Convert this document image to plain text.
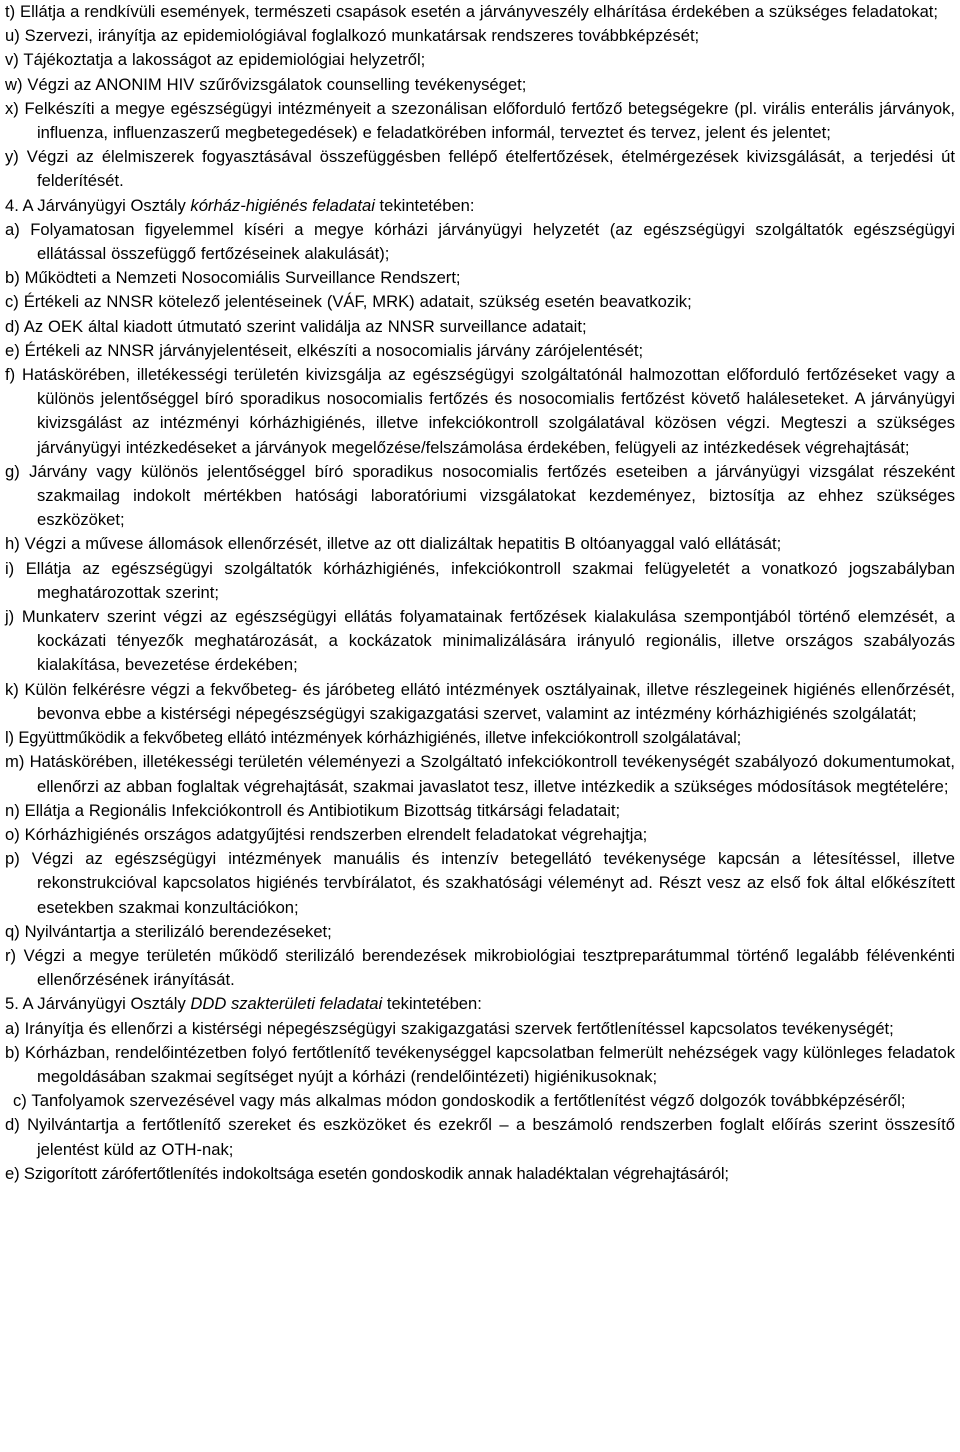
t) Ellátja a rendkívüli események, természeti csapások esetén a járványveszély elhárítása érdekében a szükséges feladatokat;

u) Szervezi, irányítja az epidemiológiával foglalkozó munkatársak rendszeres továbbképzését;

v) Tájékoztatja a lakosságot az epidemiológiai helyzetről;

w) Végzi az ANONIM HIV szűrővizsgálatok counselling tevékenységet;

x) Felkészíti a megye egészségügyi intézményeit a szezonálisan előforduló fertőző betegségekre (pl. virális enterális járványok, influenza, influenzaszerű megbetegedések) e feladatkörében informál, terveztet és tervez, jelent és jelentet;

y) Végzi az élelmiszerek fogyasztásával összefüggésben fellépő ételfertőzések, ételmérgezések kivizsgálását, a terjedési út felderítését.

4. A Járványügyi Osztály kórház-higiénés feladatai tekintetében:

a) Folyamatosan figyelemmel kíséri a megye kórházi járványügyi helyzetét (az egészségügyi szolgáltatók egészségügyi ellátással összefüggő fertőzéseinek alakulását);

b) Működteti a Nemzeti Nosocomiális Surveillance Rendszert;

c) Értékeli az NNSR kötelező jelentéseinek (VÁF, MRK) adatait, szükség esetén beavatkozik;

d) Az OEK által kiadott útmutató szerint validálja az NNSR surveillance adatait;

e) Értékeli az NNSR járványjelentéseit, elkészíti a nosocomialis járvány zárójelentését;

f) Hatáskörében, illetékességi területén kivizsgálja az egészségügyi szolgáltatónál halmozottan előforduló fertőzéseket vagy a különös jelentőséggel bíró sporadikus nosocomialis fertőzés és nosocomialis fertőzést követő haláleseteket. A járványügyi kivizsgálást az intézményi kórházhigiénés, illetve infekciókontroll szolgálatával közösen végzi. Megteszi a szükséges járványügyi intézkedéseket a járványok megelőzése/felszámolása érdekében, felügyeli az intézkedések végrehajtását;

g) Járvány vagy különös jelentőséggel bíró sporadikus nosocomialis fertőzés eseteiben a járványügyi vizsgálat részeként szakmailag indokolt mértékben hatósági laboratóriumi vizsgálatokat kezdeményez, biztosítja az ehhez szükséges eszközöket;

h) Végzi a művese állomások ellenőrzését, illetve az ott dializáltak hepatitis B oltóanyaggal való ellátását;

i) Ellátja az egészségügyi szolgáltatók kórházhigiénés, infekciókontroll szakmai felügyeletét a vonatkozó jogszabályban meghatározottak szerint;

j) Munkaterv szerint végzi az egészségügyi ellátás folyamatainak fertőzések kialakulása szempontjából történő elemzését, a kockázati tényezők meghatározását, a kockázatok minimalizálására irányuló regionális, illetve országos szabályozás kialakítása, bevezetése érdekében;

k) Külön felkérésre végzi a fekvőbeteg- és járóbeteg ellátó intézmények osztályainak, illetve részlegeinek higiénés ellenőrzését, bevonva ebbe a kistérségi népegészségügyi szakigazgatási szervet, valamint az intézmény kórházhigiénés szolgálatát;

l) Együttműködik a fekvőbeteg ellátó intézmények kórházhigiénés, illetve infekciókontroll szolgálatával;

m) Hatáskörében, illetékességi területén véleményezi a Szolgáltató infekciókontroll tevékenységét szabályozó dokumentumokat, ellenőrzi az abban foglaltak végrehajtását, szakmai javaslatot tesz, illetve intézkedik a szükséges módosítások megtételére;

n) Ellátja a Regionális Infekciókontroll és Antibiotikum Bizottság titkársági feladatait;

o) Kórházhigiénés országos adatgyűjtési rendszerben elrendelt feladatokat végrehajtja;

p) Végzi az egészségügyi intézmények manuális és intenzív betegellátó tevékenysége kapcsán a létesítéssel, illetve rekonstrukcióval kapcsolatos higiénés tervbírálatot, és szakhatósági véleményt ad. Részt vesz az első fok által előkészített esetekben szakmai konzultációkon;

q) Nyilvántartja a sterilizáló berendezéseket;

r) Végzi a megye területén működő sterilizáló berendezések mikrobiológiai tesztpreparátummal történő legalább félévenkénti ellenőrzésének irányítását.

5. A Járványügyi Osztály DDD szakterületi feladatai tekintetében:

a) Irányítja és ellenőrzi a kistérségi népegészségügyi szakigazgatási szervek fertőtlenítéssel kapcsolatos tevékenységét;

b) Kórházban, rendelőintézetben folyó fertőtlenítő tevékenységgel kapcsolatban felmerült nehézségek vagy különleges feladatok megoldásában szakmai segítséget nyújt a kórházi (rendelőintézeti) higiénikusoknak;

c) Tanfolyamok szervezésével vagy más alkalmas módon gondoskodik a fertőtlenítést végző dolgozók továbbképzéséről;

d) Nyilvántartja a fertőtlenítő szereket és eszközöket és ezekről – a beszámoló rendszerben foglalt előírás szerint összesítő jelentést küld az OTH-nak;

e) Szigorított zárófertőtlenítés indokoltsága esetén gondoskodik annak haladéktalan végrehajtásáról;
